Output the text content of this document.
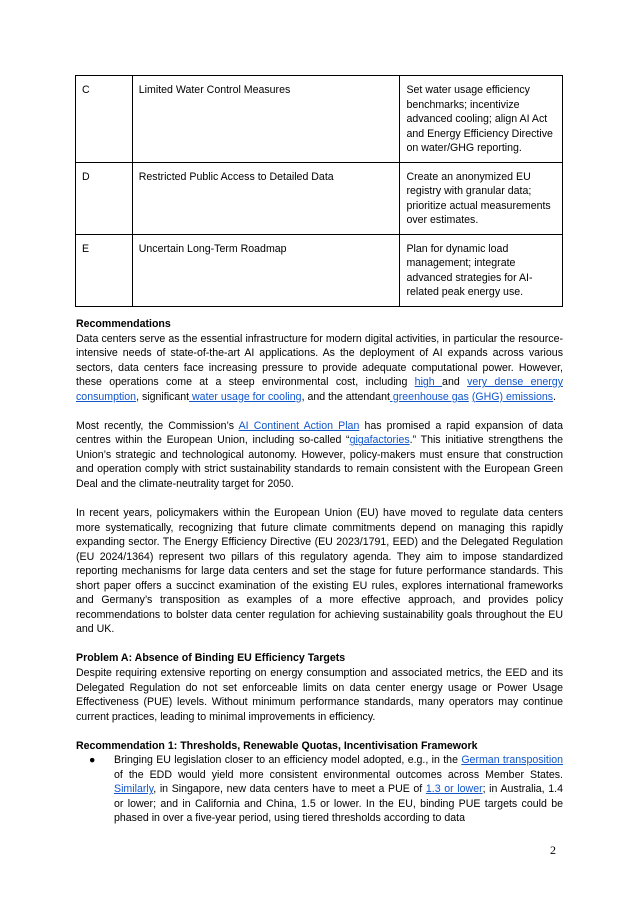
C	Limited Water Control Measures	Set water usage efficiency benchmarks; incentivize advanced cooling; align AI Act and Energy Efficiency Directive on water/GHG reporting.
D	Restricted Public Access to Detailed Data	Create an anonymized EU registry with granular data; prioritize actual measurements over estimates.
E	Uncertain Long-Term Roadmap	Plan for dynamic load management; integrate advanced strategies for AI-related peak energy use.
Recommendations

Data centers serve as the essential infrastructure for modern digital activities, in particular the resource-intensive needs of state-of-the-art AI applications. As the deployment of AI expands across various sectors, data centers face increasing pressure to provide adequate computational power. However, these operations come at a steep environmental cost, including high and very dense energy consumption, significant water usage for cooling, and the attendant greenhouse gas (GHG) emissions.

Most recently, the Commission’s AI Continent Action Plan has promised a rapid expansion of data centres within the European Union, including so-called “gigafactories.” This initiative strengthens the Union’s strategic and technological autonomy. However, policy-makers must ensure that construction and operation comply with strict sustainability standards to remain consistent with the European Green Deal and the climate-neutrality target for 2050.

In recent years, policymakers within the European Union (EU) have moved to regulate data centers more systematically, recognizing that future climate commitments depend on managing this rapidly expanding sector. The Energy Efficiency Directive (EU 2023/1791, EED) and the Delegated Regulation (EU 2024/1364) represent two pillars of this regulatory agenda. They aim to impose standardized reporting mechanisms for large data centers and set the stage for future performance standards. This short paper offers a succinct examination of the existing EU rules, explores international frameworks and Germany’s transposition as examples of a more effective approach, and provides policy recommendations to bolster data center regulation for achieving sustainability goals throughout the EU and UK.

Problem A: Absence of Binding EU Efficiency Targets

Despite requiring extensive reporting on energy consumption and associated metrics, the EED and its Delegated Regulation do not set enforceable limits on data center energy usage or Power Usage Effectiveness (PUE) levels. Without minimum performance standards, many operators may continue current practices, leading to minimal improvements in efficiency.

Recommendation 1: Thresholds, Renewable Quotas, Incentivisation Framework
● Bringing EU legislation closer to an efficiency model adopted, e.g., in the German transposition of the EDD would yield more consistent environmental outcomes across Member States. Similarly, in Singapore, new data centers have to meet a PUE of 1.3 or lower; in Australia, 1.4 or lower; and in California and China, 1.5 or lower. In the EU, binding PUE targets could be phased in over a five-year period, using tiered thresholds according to data
2
